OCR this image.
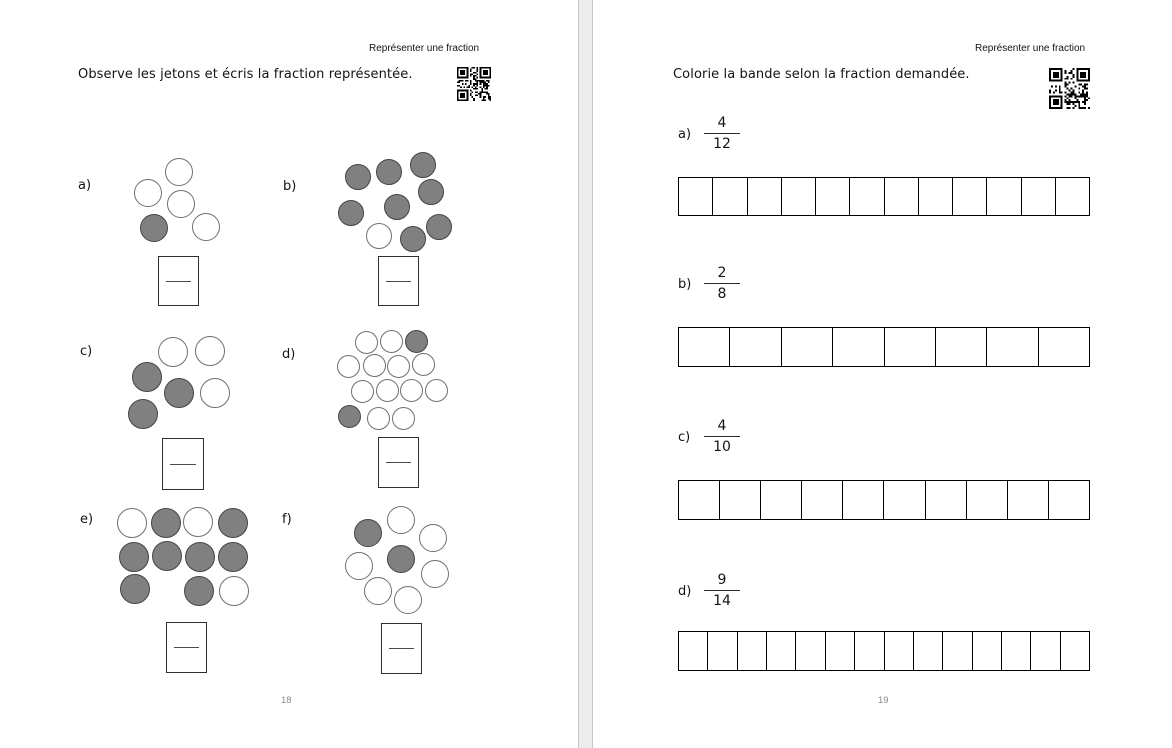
Représenter une fraction
Observe les jetons et écris la fraction représentée.
a)	b)
c)	d)
e)	f)
18
Représenter une fraction
Colorie la bande selon la fraction demandée.
$a) \frac{4}{12}$
$b) \frac{2}{8}$
$c) \frac{4}{10}$
$d) \frac{9}{14}$
19
